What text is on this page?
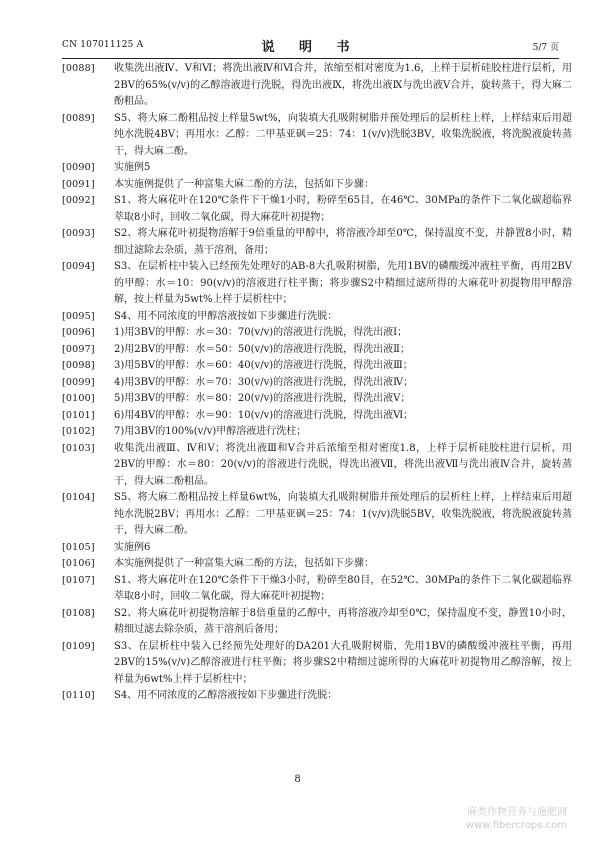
CN 107011125 A	说 明 书	5/7 页
[0088]	收集洗出液Ⅳ、Ⅴ和Ⅵ；将洗出液Ⅳ和Ⅵ合并，浓缩至相对密度为1.6，上样于层析硅胶柱进行层析，用2BV的65%(v/v)的乙醇溶液进行洗脱，得洗出液Ⅸ，将洗出液Ⅸ与洗出液Ⅴ合并，旋转蒸干，得大麻二酚粗品。
[0089]	S5、将大麻二酚粗品按上样量5wt%，向装填大孔吸附树脂并预处理后的层析柱上样，上样结束后用超纯水洗脱4BV；再用水：乙醇：二甲基亚砜＝25：74：1(v/v)洗脱3BV，收集洗脱液，将洗脱液旋转蒸干，得大麻二酚。
[0090]	实施例5
[0091]	本实施例提供了一种富集大麻二酚的方法，包括如下步骤：
[0092]	S1、将大麻花叶在120℃条件下干燥1小时，粉碎至65目，在46℃、30MPa的条件下二氧化碳超临界萃取8小时，回收二氧化碳，得大麻花叶初提物；
[0093]	S2、将大麻花叶初提物溶解于9倍重量的甲醇中，将溶液冷却至0℃，保持温度不变，并静置8小时，精细过滤除去杂质，蒸干溶剂，备用；
[0094]	S3、在层析柱中装入已经预先处理好的AB-8大孔吸附树脂，先用1BV的磷酸缓冲液柱平衡，再用2BV的甲醇：水＝10：90(v/v)的溶液进行柱平衡；将步骤S2中精细过滤所得的大麻花叶初提物用甲醇溶解，按上样量为5wt%上样于层析柱中；
[0095]	S4、用不同浓度的甲醇溶液按如下步骤进行洗脱：
[0096]	1)用3BV的甲醇：水＝30：70(v/v)的溶液进行洗脱，得洗出液Ⅰ；
[0097]	2)用2BV的甲醇：水＝50：50(v/v)的溶液进行洗脱，得洗出液Ⅱ；
[0098]	3)用5BV的甲醇：水＝60：40(v/v)的溶液进行洗脱，得洗出液Ⅲ；
[0099]	4)用3BV的甲醇：水＝70：30(v/v)的溶液进行洗脱，得洗出液Ⅳ；
[0100]	5)用3BV的甲醇：水＝80：20(v/v)的溶液进行洗脱，得洗出液Ⅴ；
[0101]	6)用4BV的甲醇：水＝90：10(v/v)的溶液进行洗脱，得洗出液Ⅵ；
[0102]	7)用3BV的100%(v/v)甲醇溶液进行洗柱；
[0103]	收集洗出液Ⅲ、Ⅳ和Ⅴ；将洗出液Ⅲ和Ⅴ合并后浓缩至相对密度1.8，上样于层析硅胶柱进行层析，用2BV的甲醇：水＝80：20(v/v)的溶液进行洗脱，得洗出液Ⅶ，将洗出液Ⅶ与洗出液Ⅳ合并，旋转蒸干，得大麻二酚粗品。
[0104]	S5、将大麻二酚粗品按上样量6wt%，向装填大孔吸附树脂并预处理后的层析柱上样，上样结束后用超纯水洗脱2BV；再用水：乙醇：二甲基亚砜＝25：74：1(v/v)洗脱5BV，收集洗脱液，将洗脱液旋转蒸干，得大麻二酚。
[0105]	实施例6
[0106]	本实施例提供了一种富集大麻二酚的方法，包括如下步骤：
[0107]	S1、将大麻花叶在120℃条件下干燥3小时，粉碎至80目，在52℃、30MPa的条件下二氧化碳超临界萃取8小时，回收二氧化碳，得大麻花叶初提物；
[0108]	S2、将大麻花叶初提物溶解于8倍重量的乙醇中，再将溶液冷却至0℃，保持温度不变，静置10小时，精细过滤去除杂质，蒸干溶剂后备用；
[0109]	S3、在层析柱中装入已经预先处理好的DA201大孔吸附树脂，先用1BV的磷酸缓冲液柱平衡，再用2BV的15%(v/v)乙醇溶液进行柱平衡；将步骤S2中精细过滤所得的大麻花叶初提物用乙醇溶解，按上样量为6wt%上样于层析柱中；
[0110]	S4、用不同浓度的乙醇溶液按如下步骤进行洗脱：
8
麻类作物营养与施肥网
www.fibercrops.com
